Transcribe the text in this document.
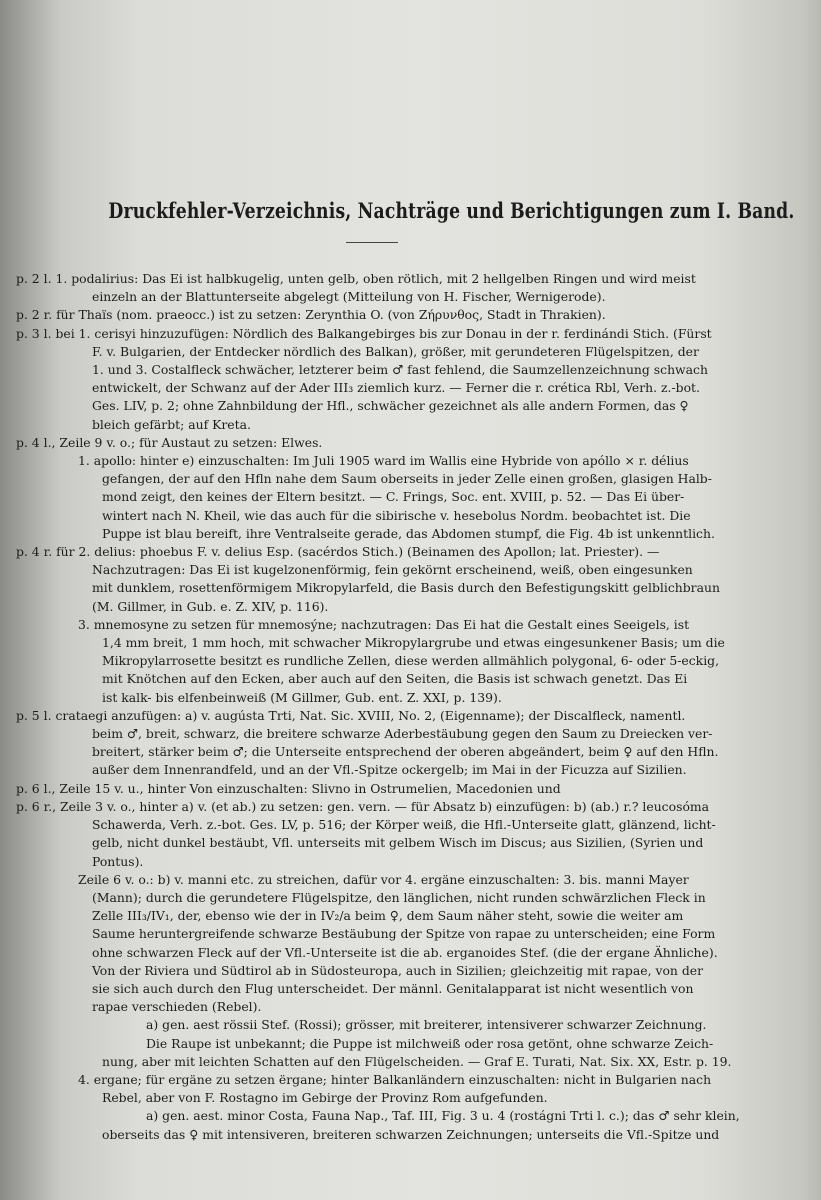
Druckfehler-Verzeichnis, Nachträge und Berichtigungen zum I. Band.
p. 2 l. 1. podalirius: Das Ei ist halbkugelig, unten gelb, oben rötlich, mit 2 hellgelben Ringen und wird meist
einzeln an der Blattunterseite abgelegt (Mitteilung von H. Fischer, Wernigerode).
p. 2 r. für Thaïs (nom. praeocc.) ist zu setzen: Zerynthia O. (von Ζήρυνθος, Stadt in Thrakien).
p. 3 l. bei 1. cerisyi hinzuzufügen: Nördlich des Balkangebirges bis zur Donau in der r. ferdinándi Stich. (Fürst
F. v. Bulgarien, der Entdecker nördlich des Balkan), größer, mit gerundeteren Flügelspitzen, der
1. und 3. Costalfleck schwächer, letzterer beim ♂ fast fehlend, die Saumzellenzeichnung schwach
entwickelt, der Schwanz auf der Ader III₃ ziemlich kurz. — Ferner die r. crética Rbl, Verh. z.-bot.
Ges. LIV, p. 2; ohne Zahnbildung der Hfl., schwächer gezeichnet als alle andern Formen, das ♀
bleich gefärbt; auf Kreta.
p. 4 l., Zeile 9 v. o.; für Austaut zu setzen: Elwes.
1. apollo: hinter e) einzuschalten: Im Juli 1905 ward im Wallis eine Hybride von apóllo × r. délius
gefangen, der auf den Hfln nahe dem Saum oberseits in jeder Zelle einen großen, glasigen Halb-
mond zeigt, den keines der Eltern besitzt. — C. Frings, Soc. ent. XVIII, p. 52. — Das Ei über-
wintert nach N. Kheil, wie das auch für die sibirische v. hesebolus Nordm. beobachtet ist. Die
Puppe ist blau bereift, ihre Ventralseite gerade, das Abdomen stumpf, die Fig. 4b ist unkenntlich.
p. 4 r. für 2. delius: phoebus F. v. delius Esp. (sacérdos Stich.) (Beinamen des Apollon; lat. Priester). —
Nachzutragen: Das Ei ist kugelzonenförmig, fein gekörnt erscheinend, weiß, oben eingesunken
mit dunklem, rosettenförmigem Mikropylarfeld, die Basis durch den Befestigungskitt gelblichbraun
(M. Gillmer, in Gub. e. Z. XIV, p. 116).
3. mnemosyne zu setzen für mnemosýne; nachzutragen: Das Ei hat die Gestalt eines Seeigels, ist
1,4 mm breit, 1 mm hoch, mit schwacher Mikropylargrube und etwas eingesunkener Basis; um die
Mikropylarrosette besitzt es rundliche Zellen, diese werden allmählich polygonal, 6- oder 5-eckig,
mit Knötchen auf den Ecken, aber auch auf den Seiten, die Basis ist schwach genetzt. Das Ei
ist kalk- bis elfenbeinweiß (M Gillmer, Gub. ent. Z. XXI, p. 139).
p. 5 l. crataegi anzufügen: a) v. augústa Trti, Nat. Sic. XVIII, No. 2, (Eigenname); der Discalfleck, namentl.
beim ♂, breit, schwarz, die breitere schwarze Aderbestäubung gegen den Saum zu Dreiecken ver-
breitert, stärker beim ♂; die Unterseite entsprechend der oberen abgeändert, beim ♀ auf den Hfln.
außer dem Innenrandfeld, und an der Vfl.-Spitze ockergelb; im Mai in der Ficuzza auf Sizilien.
p. 6 l., Zeile 15 v. u., hinter Von einzuschalten: Slivno in Ostrumelien, Macedonien und
p. 6 r., Zeile 3 v. o., hinter a) v. (et ab.) zu setzen: gen. vern. — für Absatz b) einzufügen: b) (ab.) r.? leucosóma
Schawerda, Verh. z.-bot. Ges. LV, p. 516; der Körper weiß, die Hfl.-Unterseite glatt, glänzend, licht-
gelb, nicht dunkel bestäubt, Vfl. unterseits mit gelbem Wisch im Discus; aus Sizilien, (Syrien und
Pontus).
Zeile 6 v. o.: b) v. manni etc. zu streichen, dafür vor 4. ergäne einzuschalten: 3. bis. manni Mayer
(Mann); durch die gerundetere Flügelspitze, den länglichen, nicht runden schwärzlichen Fleck in
Zelle III₃/IV₁, der, ebenso wie der in IV₂/a beim ♀, dem Saum näher steht, sowie die weiter am
Saume heruntergreifende schwarze Bestäubung der Spitze von rapae zu unterscheiden; eine Form
ohne schwarzen Fleck auf der Vfl.-Unterseite ist die ab. erganoides Stef. (die der ergane Ähnliche).
Von der Riviera und Südtirol ab in Südosteuropa, auch in Sizilien; gleichzeitig mit rapae, von der
sie sich auch durch den Flug unterscheidet. Der männl. Genitalapparat ist nicht wesentlich von
rapae verschieden (Rebel).
a) gen. aest rössii Stef. (Rossi); grösser, mit breiterer, intensiverer schwarzer Zeichnung.
Die Raupe ist unbekannt; die Puppe ist milchweiß oder rosa getönt, ohne schwarze Zeich-
nung, aber mit leichten Schatten auf den Flügelscheiden. — Graf E. Turati, Nat. Six. XX, Estr. p. 19.
4. ergane; für ergäne zu setzen ërgane; hinter Balkanländern einzuschalten: nicht in Bulgarien nach
Rebel, aber von F. Rostagno im Gebirge der Provinz Rom aufgefunden.
a) gen. aest. minor Costa, Fauna Nap., Taf. III, Fig. 3 u. 4 (rostágni Trti l. c.); das ♂ sehr klein,
oberseits das ♀ mit intensiveren, breiteren schwarzen Zeichnungen; unterseits die Vfl.-Spitze und
